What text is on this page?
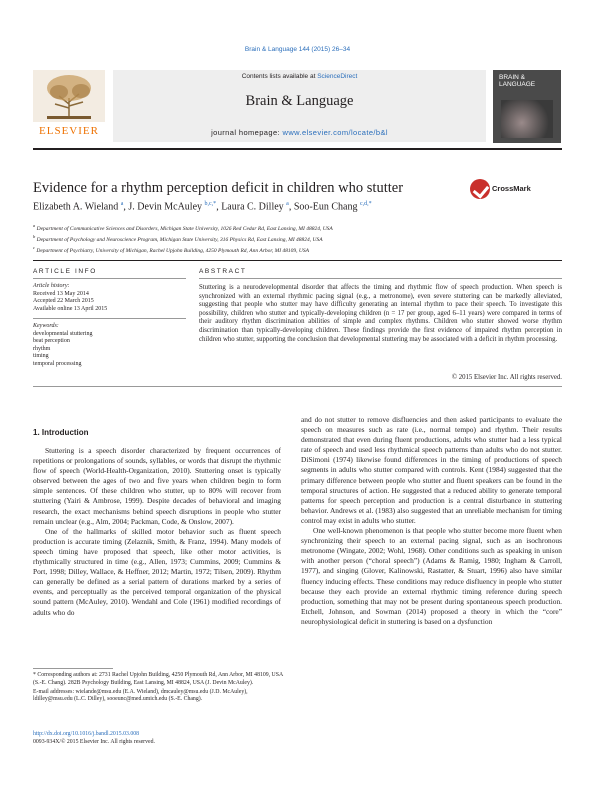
Brain & Language 144 (2015) 26–34
ELSEVIER
Contents lists available at ScienceDirect
Brain & Language
journal homepage: www.elsevier.com/locate/b&l
BRAIN &
LANGUAGE
Evidence for a rhythm perception deficit in children who stutter	CrossMark
Elizabeth A. Wieland $^a$, J. Devin McAuley $^{b,c,*}$, Laura C. Dilley $^a$, Soo-Eun Chang $^{c,d,*}$
$^a$ Department of Communicative Sciences and Disorders, Michigan State University, 1026 Red Cedar Rd, East Lansing, MI 48824, USA
$^b$ Department of Psychology and Neuroscience Program, Michigan State University, 316 Physics Rd, East Lansing, MI 48824, USA
$^c$ Department of Psychiatry, University of Michigan, Rachel Upjohn Building, 4250 Plymouth Rd, Ann Arbor, MI 48109, USA
ARTICLE INFO
Article history:
Received 13 May 2014
Accepted 22 March 2015
Available online 13 April 2015
Keywords:
developmental stuttering
beat perception
rhythm
timing
temporal processing
ABSTRACT
Stuttering is a neurodevelopmental disorder that affects the timing and rhythmic flow of speech production. When speech is synchronized with an external rhythmic pacing signal (e.g., a metronome), even severe stuttering can be markedly alleviated, suggesting that people who stutter may have difficulty generating an internal rhythm to pace their speech. To investigate this possibility, children who stutter and typically-developing children (n = 17 per group, aged 6–11 years) were compared in terms of their auditory rhythm discrimination abilities of simple and complex rhythms. Children who stutter showed worse rhythm discrimination than typically-developing children. These findings provide the first evidence of impaired rhythm perception in children who stutter, supporting the conclusion that developmental stuttering may be associated with a deficit in rhythm processing.
© 2015 Elsevier Inc. All rights reserved.
1. Introduction

Stuttering is a speech disorder characterized by frequent occurrences of repetitions or prolongations of sounds, syllables, or words that disrupt the rhythmic flow of speech (World-Health-Organization, 2010). Stuttering onset is typically observed between the ages of two and five years when children begin to form simple sentences. Of these children who stutter, up to 80% will recover from stuttering (Yairi & Ambrose, 1999). Despite decades of behavioral and imaging research, the exact mechanisms behind speech disruptions in people who stutter remain unclear (e.g., Alm, 2004; Packman, Code, & Onslow, 2007).

One of the hallmarks of skilled motor behavior such as fluent speech production is accurate timing (Zelaznik, Smith, & Franz, 1994). Many models of speech timing have proposed that speech, like other motor activities, is rhythmically structured in time (e.g., Allen, 1973; Cummins, 2009; Cummins & Port, 1998; Dilley, Wallace, & Heffner, 2012; Martin, 1972; Tilsen, 2009). Rhythm can generally be defined as a serial pattern of durations marked by a series of events, and perceptually as the perceived temporal organization of the physical sound pattern (McAuley, 2010). Wendahl and Cole (1961) modified recordings of adults who do

and do not stutter to remove disfluencies and then asked participants to evaluate the speech on measures such as rate (i.e., normal tempo) and rhythm. Their results demonstrated that even during fluent productions, adults who stutter had a less typical rate of speech and used less rhythmical speech patterns than adults who do not stutter. DiSimoni (1974) likewise found differences in the timing of productions of speech segments in adults who stutter compared with controls. Kent (1984) suggested that the primary difference between people who stutter and fluent speakers can be found in the temporal structures of action. He suggested that a reduced ability to generate temporal patterns for speech perception and production is a central disturbance in stuttering behavior. Andrews et al. (1983) also suggested that an unreliable mechanism for timing control may exist in adults who stutter.

One well-known phenomenon is that people who stutter become more fluent when synchronizing their speech to an external pacing signal, such as an isochronous metronome (Wingate, 2002; Wohl, 1968). Other conditions such as speaking in unison with another person (“choral speech”) (Adams & Ramig, 1980; Ingham & Carroll, 1977), and singing (Glover, Kalinowski, Rastatter, & Stuart, 1996) also have similar fluency inducing effects. These conditions may reduce disfluency in people who stutter because they each provide an external rhythmic timing reference during speech production, something that may not be present during spontaneous speech production. Etchell, Johnson, and Sowman (2014) proposed a theory in which the “core” neurophysiological deficit in stuttering is based on a dysfunction

* Corresponding authors at: 2731 Rachel Upjohn Building, 4250 Plymouth Rd, Ann Arbor, MI 48109, USA (S.-E. Chang). 282B Psychology Building, East Lansing, MI 48824, USA (J. Devin McAuley).
E-mail addresses: wielande@msu.edu (E.A. Wieland), dmcauley@msu.edu (J.D. McAuley), ldilley@msu.edu (L.C. Dilley), sooeunc@med.umich.edu (S.-E. Chang).
http://dx.doi.org/10.1016/j.bandl.2015.03.008
0093-934X/© 2015 Elsevier Inc. All rights reserved.
